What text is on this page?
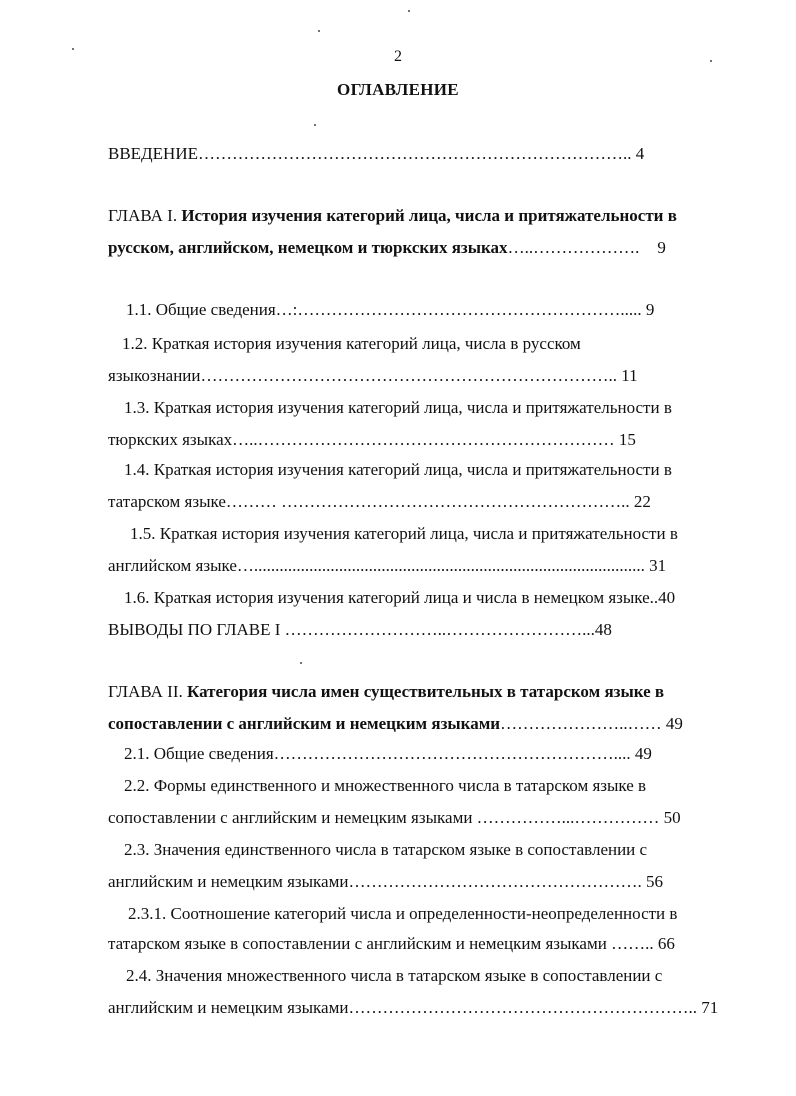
2
ОГЛАВЛЕНИЕ
ВВЕДЕНИЕ………………………………………………………………….. 4
ГЛАВА I. История изучения категорий лица, числа и притяжательности в
русском, английском, немецком и тюркских языках…..………………. 9
1.1. Общие сведения…:…………………………………………………..... 9
1.2. Краткая история изучения категорий лица, числа в русском
языкознании……………………………………………………………….. 11
1.3. Краткая история изучения категорий лица, числа и притяжательности в
тюркских языках…..……………………………………………………… 15
1.4. Краткая история изучения категорий лица, числа и притяжательности в
татарском языке……… …………………………………………………….. 22
1.5. Краткая история изучения категорий лица, числа и притяжательности в
английском языке…............................................................................................ 31
1.6. Краткая история изучения категорий лица и числа в немецком языке..40
ВЫВОДЫ ПО ГЛАВЕ I ………………………..……………………...48
ГЛАВА II. Категория числа имен существительных в татарском языке в
сопоставлении с английским и немецким языками…………………..…… 49
2.1. Общие сведения…………………………………………………….... 49
2.2. Формы единственного и множественного числа в татарском языке в
сопоставлении с английским и немецким языками ……………...…………… 50
2.3. Значения единственного числа в татарском языке в сопоставлении с
английским и немецким языками……………………………………………. 56
2.3.1. Соотношение категорий числа и определенности-неопределенности в
татарском языке в сопоставлении с английским и немецким языками …….. 66
2.4. Значения множественного числа в татарском языке в сопоставлении с
английским и немецким языками…………………………………………………….. 71
